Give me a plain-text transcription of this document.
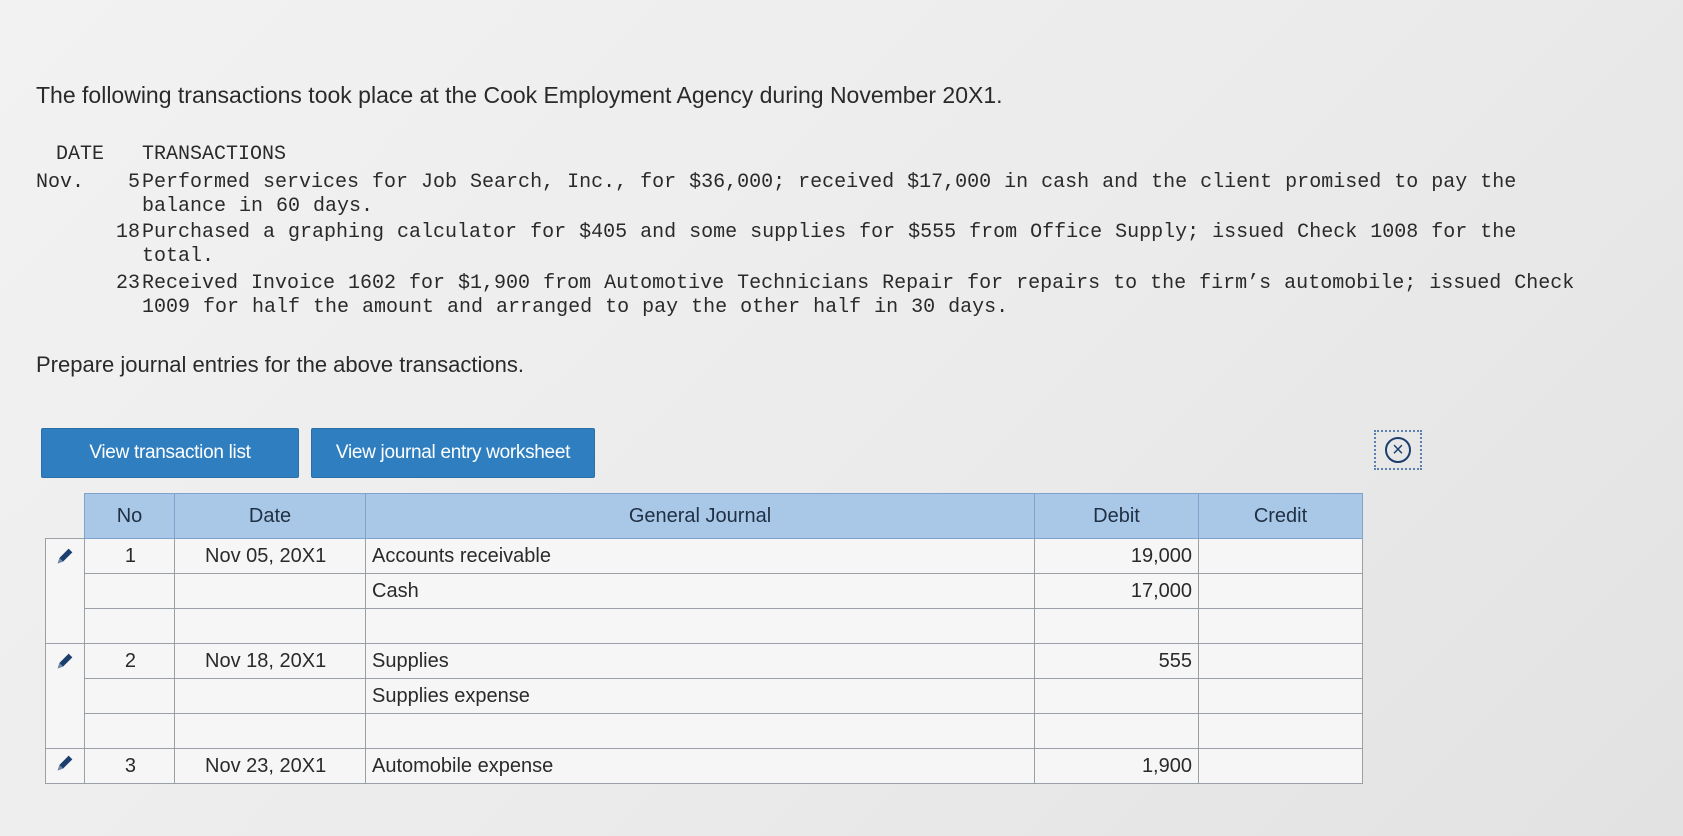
The following transactions took place at the Cook Employment Agency during November 20X1.
DATE TRANSACTIONS
Nov.	5 Performed services for Job Search, Inc., for $36,000; received $17,000 in cash and the client promised to pay the balance in 60 days.
18 Purchased a graphing calculator for $405 and some supplies for $555 from Office Supply; issued Check 1008 for the total.
23 Received Invoice 1602 for $1,900 from Automotive Technicians Repair for repairs to the firm’s automobile; issued Check 1009 for half the amount and arranged to pay the other half in 30 days.
Prepare journal entries for the above transactions.
View transaction list	View journal entry worksheet	×
	No	Date	General Journal	Debit	Credit
	1	Nov 05, 20X1	Accounts receivable	19,000	
			Cash	17,000	

	2	Nov 18, 20X1	Supplies	555	
			Supplies expense		

	3	Nov 23, 20X1	Automobile expense	1,900	
